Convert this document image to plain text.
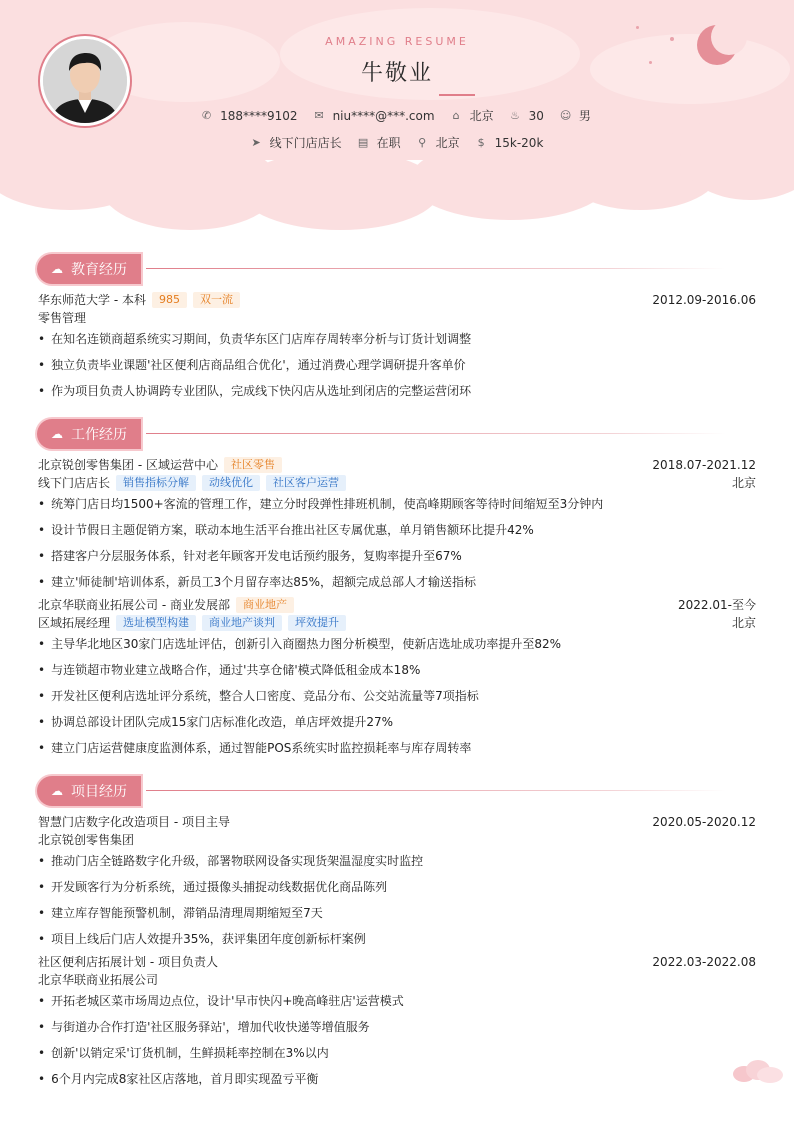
AMAZING RESUME
牛敬业
✆ 188****9102 ✉ niu****@***.com ⌂ 北京 ♨ 30 ☺ 男
➤ 线下门店店长 ▤ 在职 ⚲ 北京 $ 15k-20k
☁ 教育经历
华东师范大学 - 本科	985	双一流	2012.09-2016.06
零售管理
• 在知名连锁商超系统实习期间，负责华东区门店库存周转率分析与订货计划调整
• 独立负责毕业课题'社区便利店商品组合优化'，通过消费心理学调研提升客单价
• 作为项目负责人协调跨专业团队，完成线下快闪店从选址到闭店的完整运营闭环
☁ 工作经历
北京锐创零售集团 - 区域运营中心	社区零售	2018.07-2021.12
线下门店店长	销售指标分解	动线优化	社区客户运营	北京
• 统筹门店日均1500+客流的管理工作，建立分时段弹性排班机制，使高峰期顾客等待时间缩短至3分钟内
• 设计节假日主题促销方案，联动本地生活平台推出社区专属优惠，单月销售额环比提升42%
• 搭建客户分层服务体系，针对老年顾客开发电话预约服务，复购率提升至67%
• 建立'师徒制'培训体系，新员工3个月留存率达85%，超额完成总部人才输送指标
北京华联商业拓展公司 - 商业发展部	商业地产	2022.01-至今
区域拓展经理	选址模型构建	商业地产谈判	坪效提升	北京
• 主导华北地区30家门店选址评估，创新引入商圈热力图分析模型，使新店选址成功率提升至82%
• 与连锁超市物业建立战略合作，通过'共享仓储'模式降低租金成本18%
• 开发社区便利店选址评分系统，整合人口密度、竞品分布、公交站流量等7项指标
• 协调总部设计团队完成15家门店标准化改造，单店坪效提升27%
• 建立门店运营健康度监测体系，通过智能POS系统实时监控损耗率与库存周转率
☁ 项目经历
智慧门店数字化改造项目 - 项目主导	2020.05-2020.12
北京锐创零售集团
• 推动门店全链路数字化升级，部署物联网设备实现货架温湿度实时监控
• 开发顾客行为分析系统，通过摄像头捕捉动线数据优化商品陈列
• 建立库存智能预警机制，滞销品清理周期缩短至7天
• 项目上线后门店人效提升35%，获评集团年度创新标杆案例
社区便利店拓展计划 - 项目负责人	2022.03-2022.08
北京华联商业拓展公司
• 开拓老城区菜市场周边点位，设计'早市快闪+晚高峰驻店'运营模式
• 与街道办合作打造'社区服务驿站'，增加代收快递等增值服务
• 创新'以销定采'订货机制，生鲜损耗率控制在3%以内
• 6个月内完成8家社区店落地，首月即实现盈亏平衡
